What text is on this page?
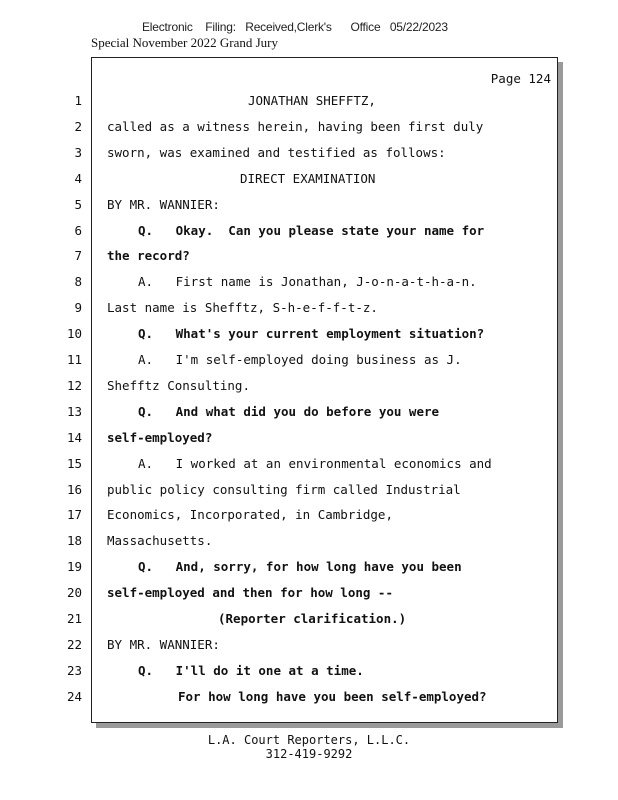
Electronic    Filing:   Received,Clerk's      Office   05/22/2023
Special November 2022 Grand Jury
Page 124
1	JONATHAN SHEFFTZ,
2 called as a witness herein, having been first duly
3 sworn, was examined and testified as follows:
4	DIRECT EXAMINATION
5 BY MR. WANNIER:
6	Q.   Okay.  Can you please state your name for
7 the record?
8	A.   First name is Jonathan, J-o-n-a-t-h-a-n.
9 Last name is Shefftz, S-h-e-f-f-t-z.
10	Q.   What's your current employment situation?
11	A.   I'm self-employed doing business as J.
12 Shefftz Consulting.
13	Q.   And what did you do before you were
14 self-employed?
15	A.   I worked at an environmental economics and
16 public policy consulting firm called Industrial
17 Economics, Incorporated, in Cambridge,
18 Massachusetts.
19	Q.   And, sorry, for how long have you been
20 self-employed and then for how long --
21	(Reporter clarification.)
22 BY MR. WANNIER:
23	Q.   I'll do it one at a time.
24	For how long have you been self-employed?
L.A. Court Reporters, L.L.C.
312-419-9292
